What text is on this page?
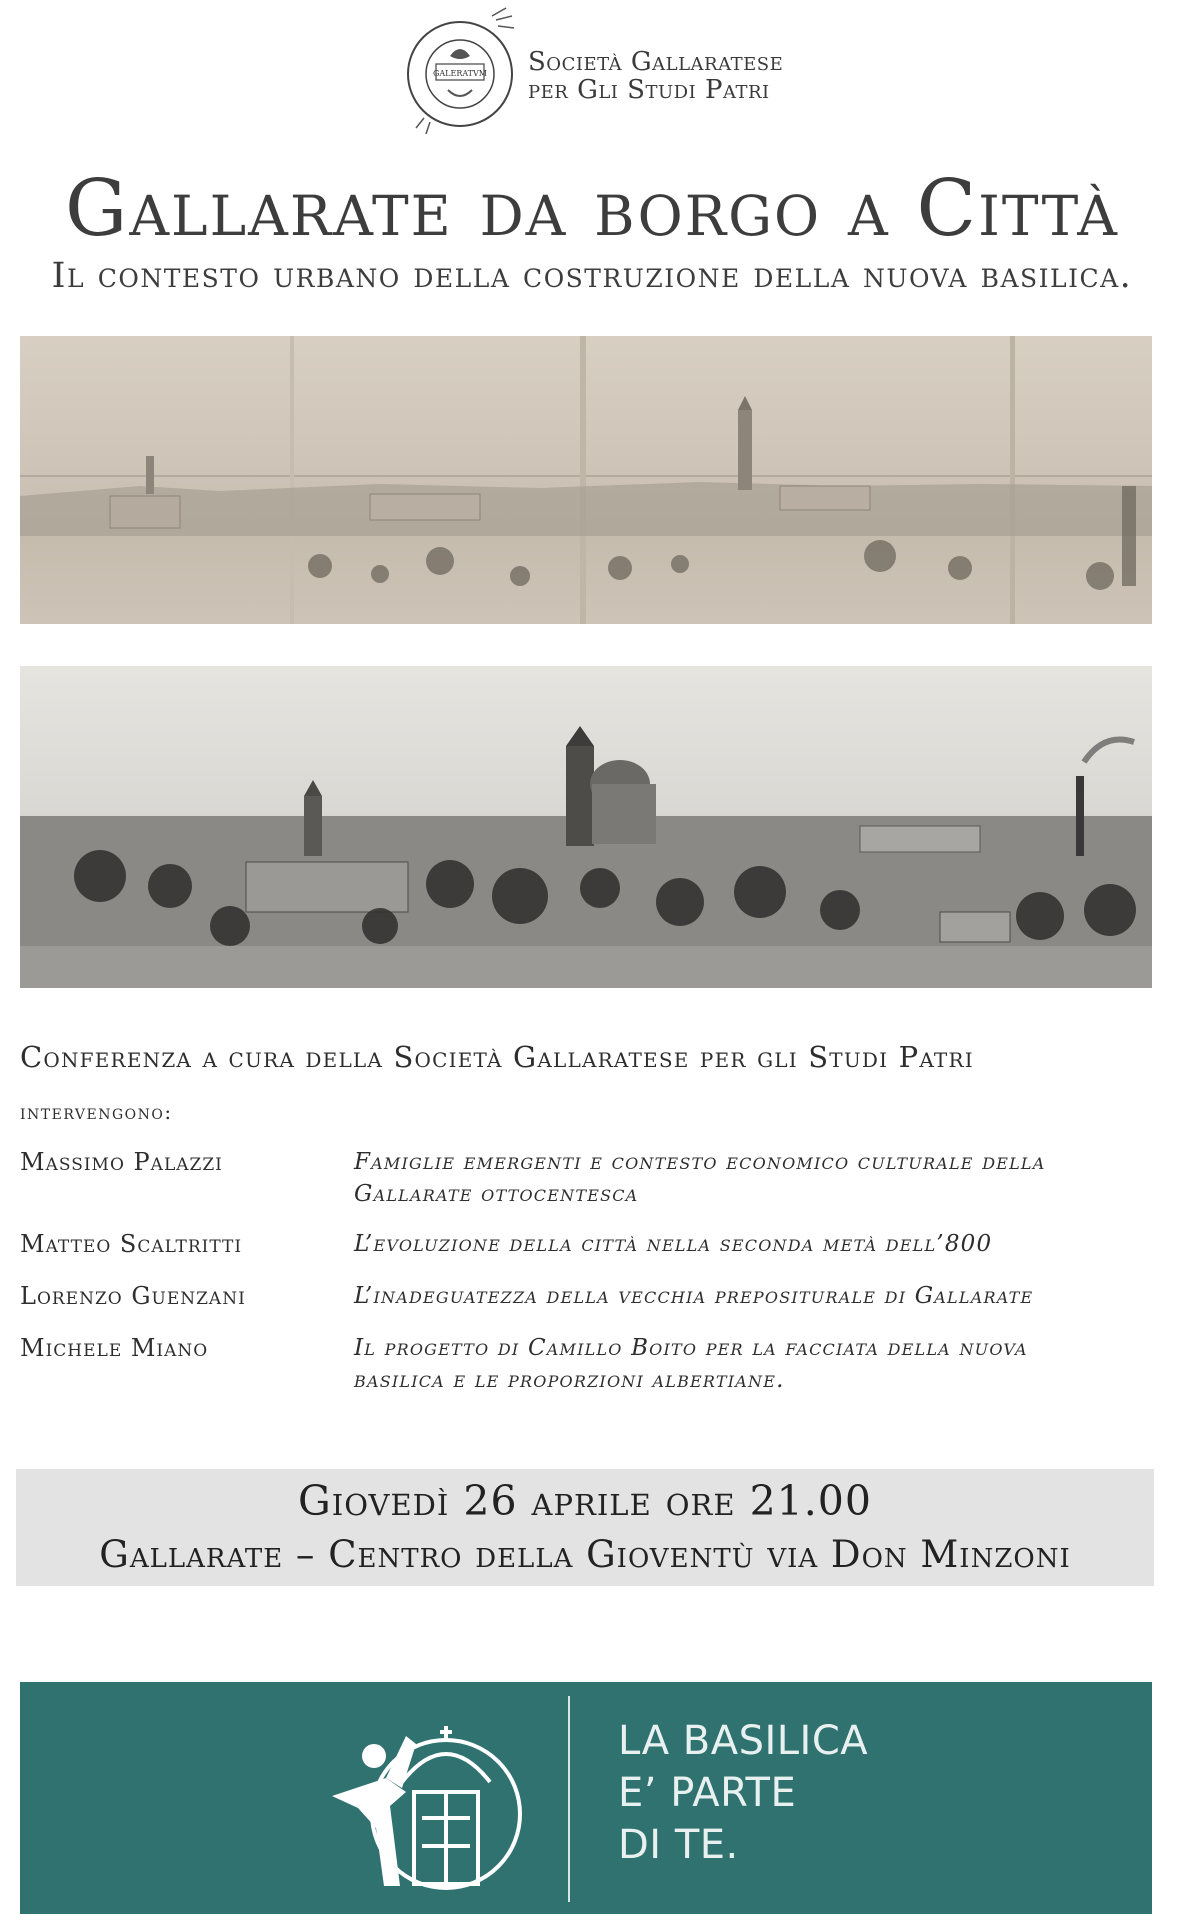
GALERATVM Società Gallaratese
per Gli Studi Patri
Gallarate da borgo a Città
Il contesto urbano della costruzione della nuova basilica.
Conferenza a cura della Società Gallaratese per gli Studi Patri
intervengono:
Massimo Palazzi	Famiglie emergenti e contesto economico culturale della
Gallarate ottocentesca
Matteo Scaltritti	L’evoluzione della città nella seconda metà dell’800
Lorenzo Guenzani	L’inadeguatezza della vecchia prepositurale di Gallarate
Michele Miano	Il progetto di Camillo Boito per la facciata della nuova
basilica e le proporzioni albertiane.
Giovedì 26 aprile ore 21.00
Gallarate – Centro della Gioventù via Don Minzoni
LA BASILICA
E’ PARTE
DI TE.
